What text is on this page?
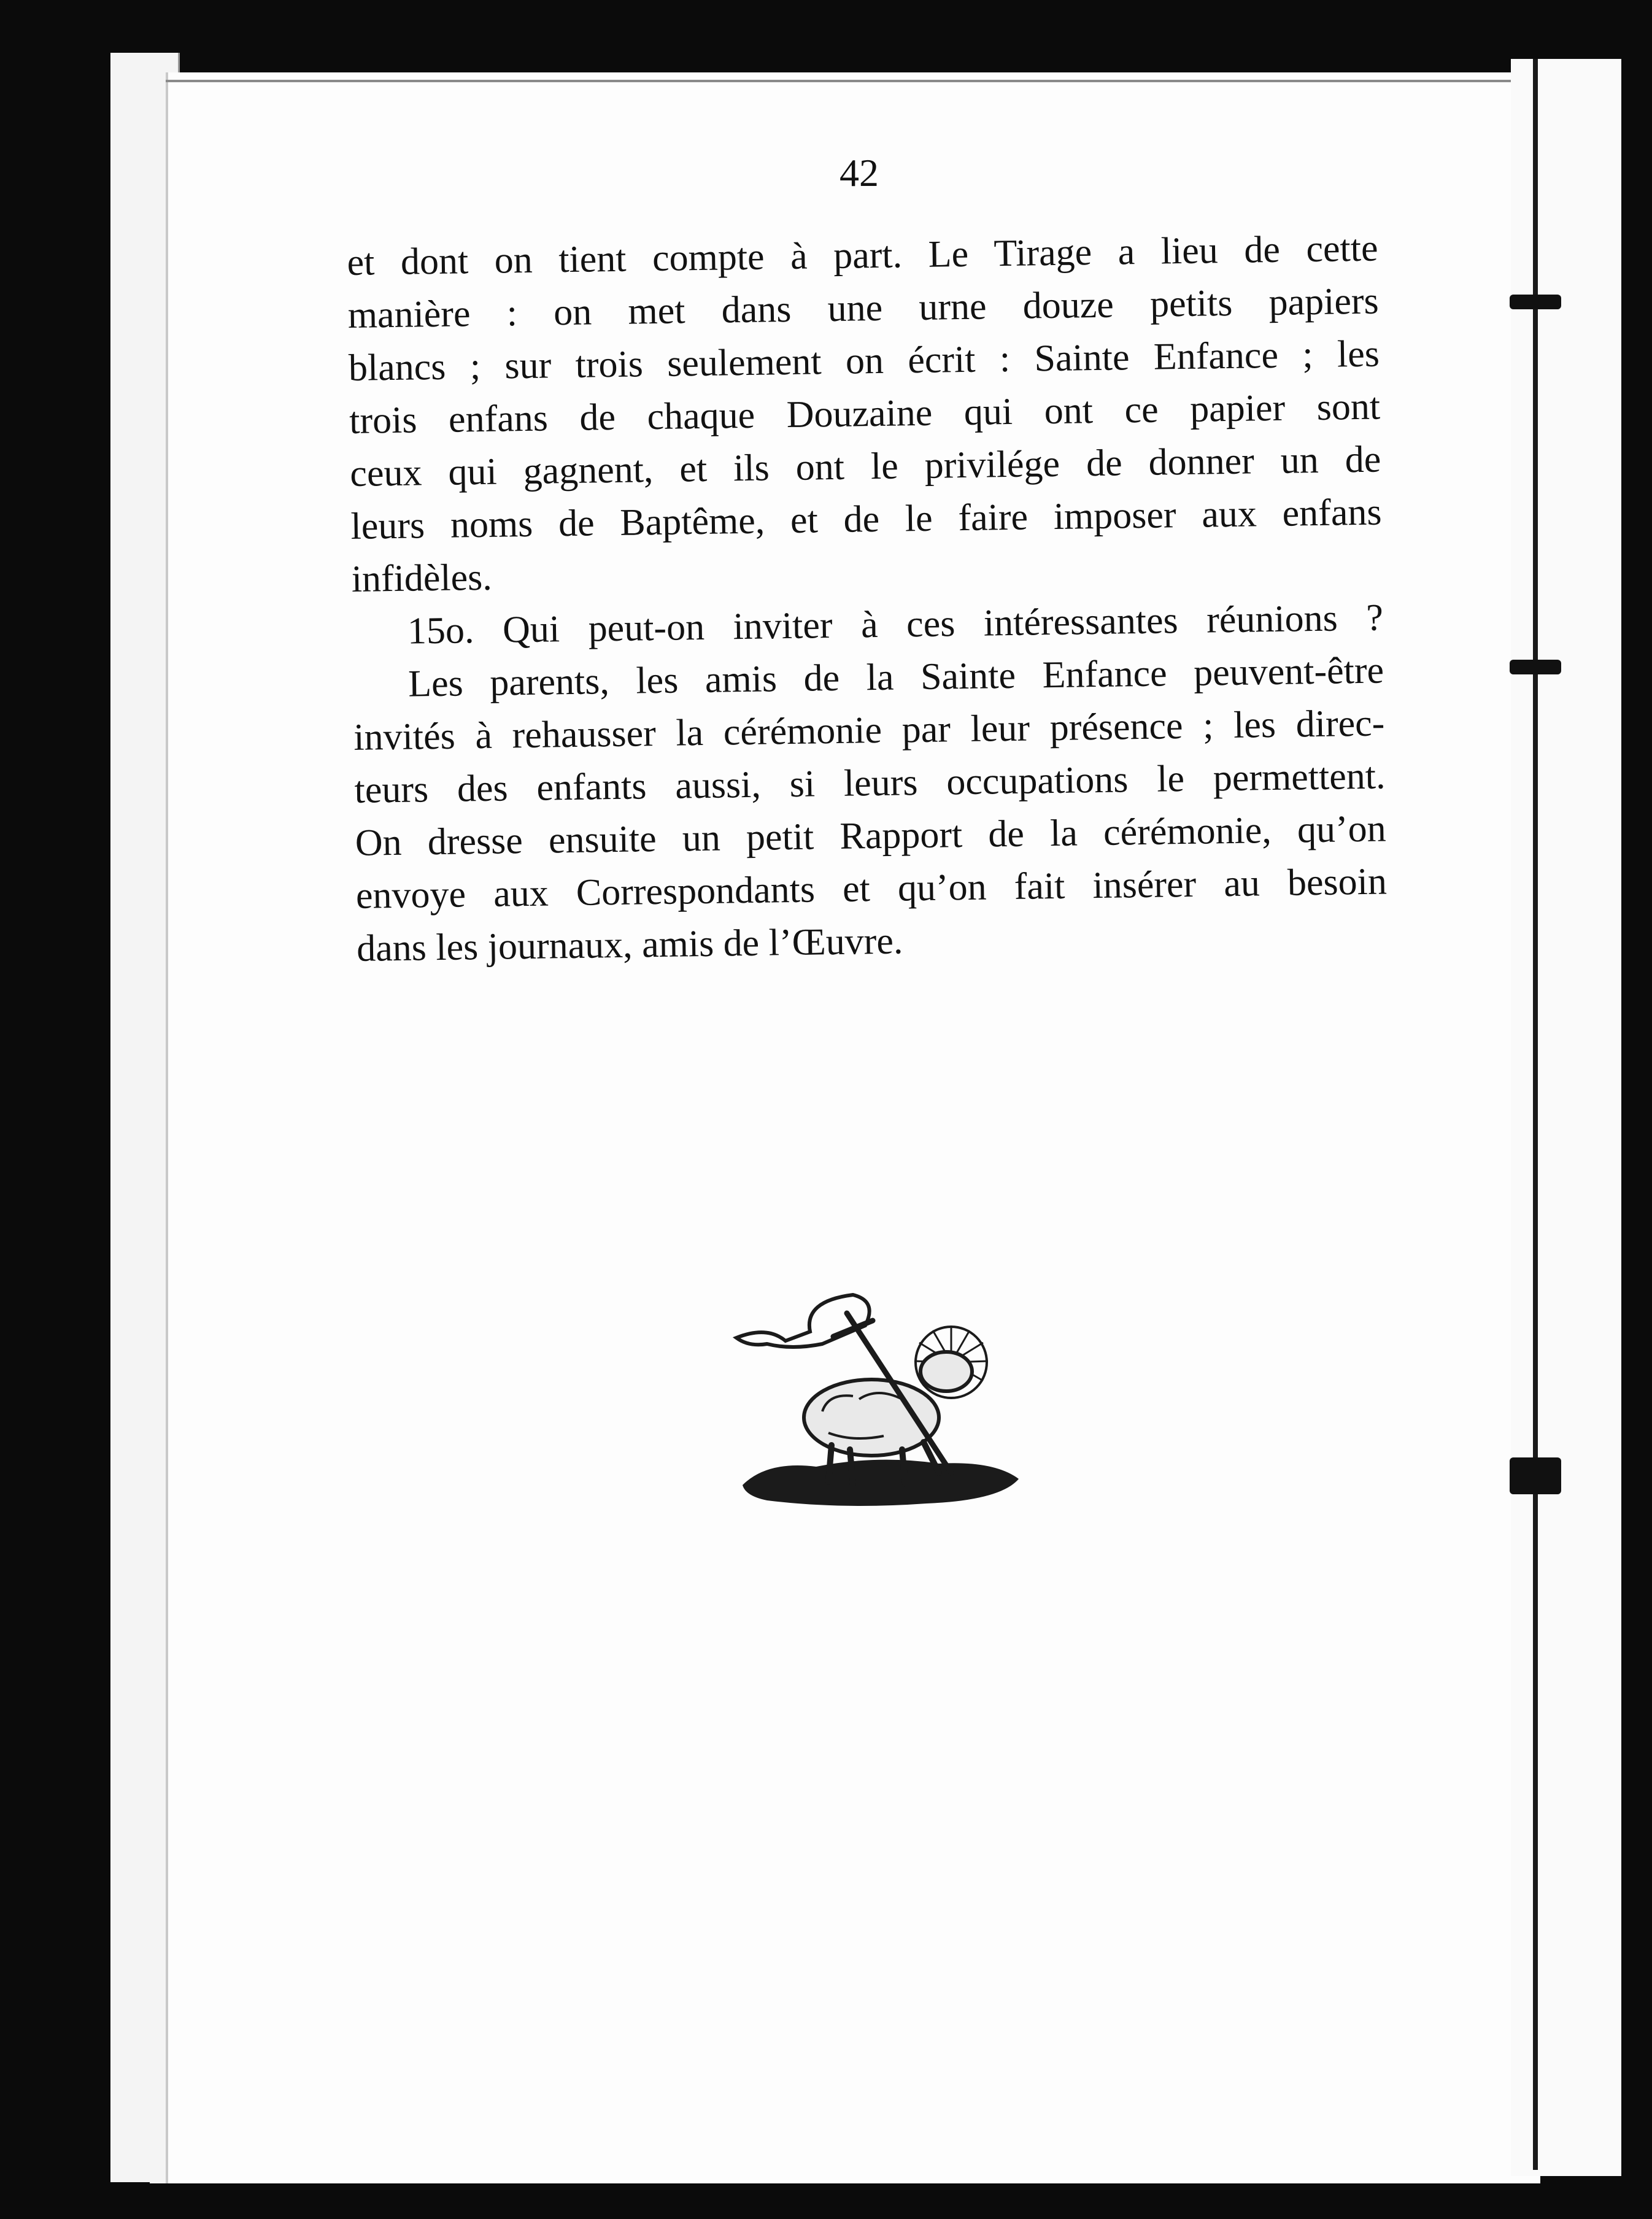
42
et dont on tient compte à part. Le Tirage a lieu de cette
manière : on met dans une urne douze petits papiers
blancs ; sur trois seulement on écrit : Sainte Enfance ; les
trois enfans de chaque Douzaine qui ont ce papier sont
ceux qui gagnent, et ils ont le privilége de donner un de
leurs noms de Baptême, et de le faire imposer aux enfans
infidèles.
15o. Qui peut-on inviter à ces intéressantes réunions ?
Les parents, les amis de la Sainte Enfance peuvent-être
invités à rehausser la cérémonie par leur présence ; les direc-
teurs des enfants aussi, si leurs occupations le permettent.
On dresse ensuite un petit Rapport de la cérémonie, qu’on
envoye aux Correspondants et qu’on fait insérer au besoin
dans les journaux, amis de l’Œuvre.
